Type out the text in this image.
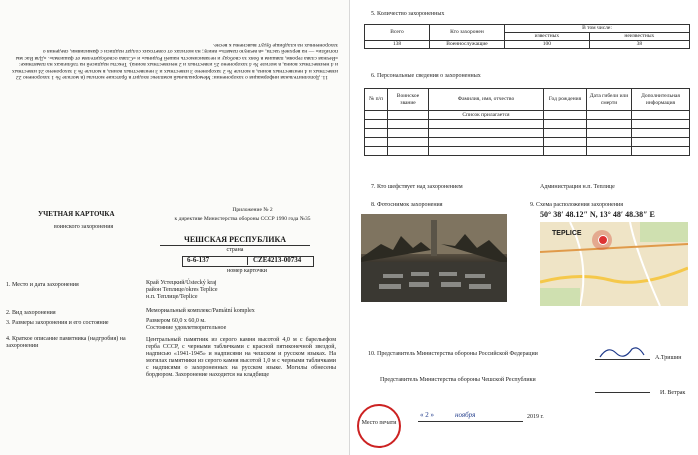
11. Дополнительная информация о захоронении: Мемориальный комплекс входит в братские могилы (в могиле № 1 захоронено 22 известных и 4 неизвестных воина, в могиле № 2 захоронено 3 известных и 3 неизвестных воина, в могиле № 3 захоронено 24 известных и 4 неизвестных воина, в могиле № 4 захоронено 25 известных и 2 неизвестных воина). Тексты надписей на табличках на памятнике: «Вечная слава героям, павшим в боях за свободу и независимость нашей Родины» и «Слава освободителям от фашизма». «Для Вас мы погибли» — на верхней части, «в вечную память» внизу; на могилах от советских солдат надписи с фамилиями, сведения о захороненных на кладбище будут выяснены к весне.
УЧЕТНАЯ КАРТОЧКА
воинского захоронения
Приложение № 2
к директиве Министерства обороны СССР 1990 года №35
ЧЕШСКАЯ РЕСПУБЛИКА
страна
6-6-137	CZE4213-00734
номер карточки
1. Место и дата захоронения	Край Устецкий/Ústecký kraj
район Теплице/okres Teplice
н.п. Теплице/Teplice
2. Вид захоронения	Мемориальный комплекс/Památní komplex
3. Размеры захоронения и его состояние	Размером 60,0 х 60,0 м.
Состояние удовлетворительное
4. Краткое описание памятника (надгробия) на захоронении
Центральный памятник из серого камня высотой 4,0 м с барельефом герба СССР, с черными табличками с красной пятиконечной звездой, надписью «1941-1945» и надписями на чешском и русском языках. На могилах памятники из серого камня высотой 1,0 м с черными табличками с надписями о захороненных на русском языке. Могилы обнесены бордюром. Захоронение находится на кладбище
5. Количество захороненных
Всего	Кто захоронен	В том числе:	
		известных	неизвестных
138	Военнослужащие	100	38
6. Персональные сведения о захороненных
№ п/п	Воинское звание	Фамилия, имя, отчество	Год рождения	Дата гибели или смерти	Дополнительная информация
		Список прилагается			

7. Кто шефствует над захоронением	Администрация н.п. Теплице
8. Фотоснимок захоронения	9. Схема расположения захоронения
50° 38′ 48.12″ N, 13° 48′ 48.38″ E
TEPLICE
10. Представитель Министерства обороны Российской Федерации
А.Тришин
Представитель Министерства обороны Чешской Республики
И. Ветрак
Место печати
« 2 »	ноября	2019 г.
